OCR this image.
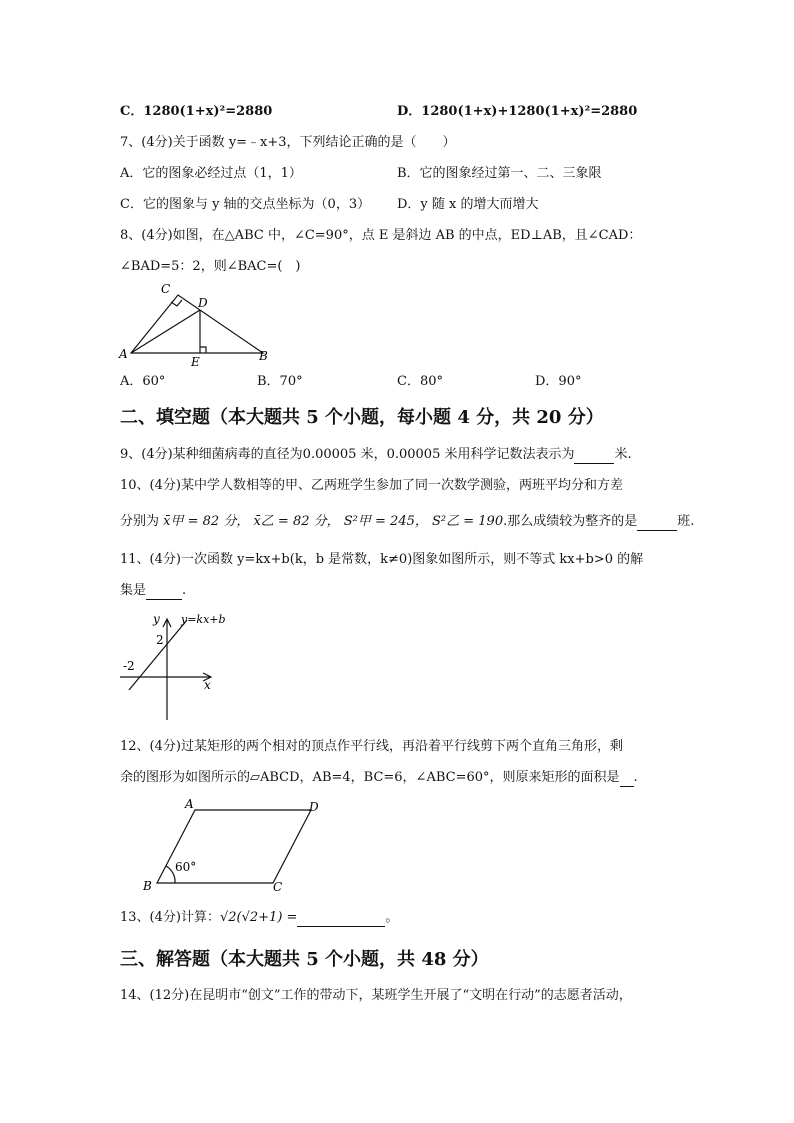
C．1280(1+x)²=2880	D．1280(1+x)+1280(1+x)²=2880
7、(4分)关于函数 y=﹣x+3，下列结论正确的是（　　）
A．它的图象必经过点（1，1）	B．它的图象经过第一、二、三象限
C．它的图象与 y 轴的交点坐标为（0，3） D．y 随 x 的增大而增大
8、(4分)如图，在△ABC 中，∠C=90°，点 E 是斜边 AB 的中点，ED⊥AB，且∠CAD：
∠BAD=5：2，则∠BAC=(　)
C
D
A	B
E
A．60°	B．70°	C．80°	D．90°
二、填空题（本大题共 5 个小题，每小题 4 分，共 20 分）
9、(4分)某种细菌病毒的直径为0.00005 米，0.00005 米用科学记数法表示为	米.
10、(4分)某中学人数相等的甲、乙两班学生参加了同一次数学测验，两班平均分和方差
分别为 x̄甲 = 82 分， x̄乙 = 82 分， S²甲 = 245， S²乙 = 190.那么成绩较为整齐的是	班.
11、(4分)一次函数 y=kx+b(k，b 是常数，k≠0)图象如图所示，则不等式 kx+b>0 的解
集是	.
y
x
y=kx+b
2
-2
12、(4分)过某矩形的两个相对的顶点作平行线，再沿着平行线剪下两个直角三角形，剩
余的图形为如图所示的▱ABCD，AB=4，BC=6，∠ABC=60°，则原来矩形的面积是 .
A	D
B	C
60°
13、(4分)计算：√2(√2+1) =	。
三、解答题（本大题共 5 个小题，共 48 分）
14、(12分)在昆明市“创文”工作的带动下，某班学生开展了“文明在行动”的志愿者活动，
